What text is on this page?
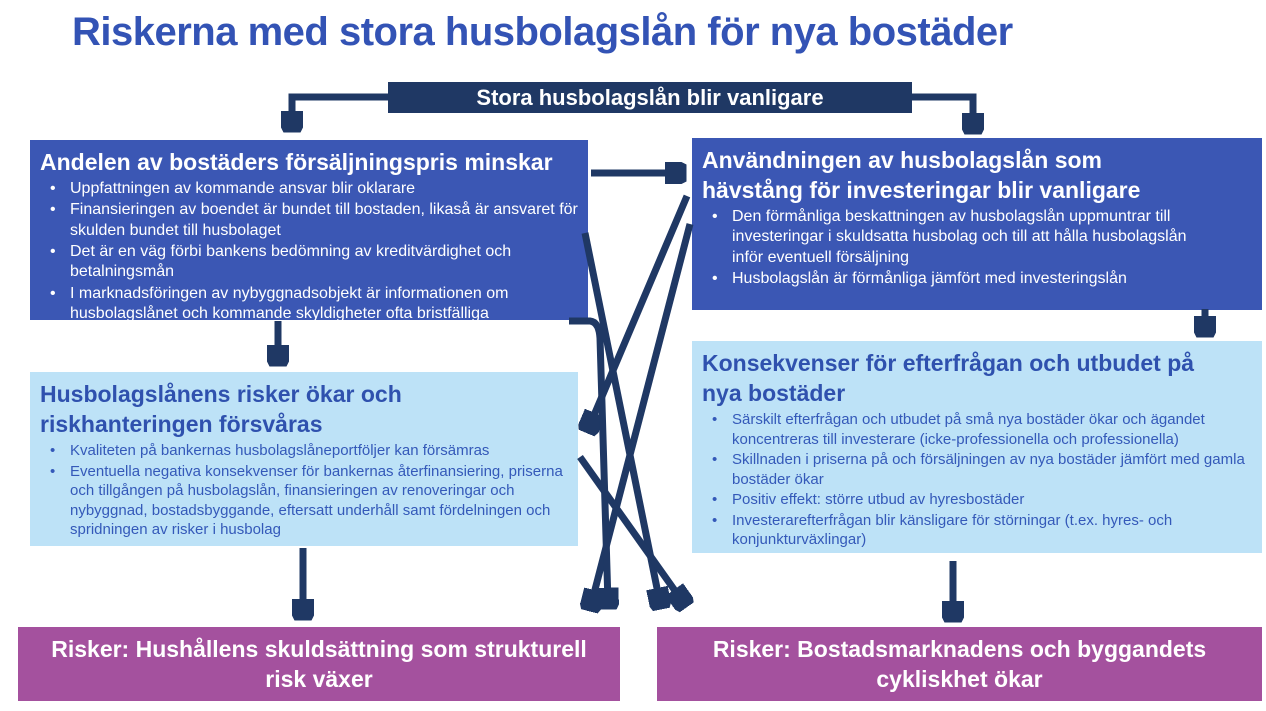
Riskerna med stora husbolagslån för nya bostäder
Stora husbolagslån blir vanligare
Andelen av bostäders försäljningspris minskar
• Uppfattningen av kommande ansvar blir oklarare
• Finansieringen av boendet är bundet till bostaden, likaså är ansvaret för skulden bundet till husbolaget
• Det är en väg förbi bankens bedömning av kreditvärdighet och betalningsmån
• I marknadsföringen av nybyggnadsobjekt är informationen om husbolagslånet och kommande skyldigheter ofta bristfälliga
Användningen av husbolagslån som hävstång för investeringar blir vanligare
• Den förmånliga beskattningen av husbolagslån uppmuntrar till investeringar i skuldsatta husbolag och till att hålla husbolagslån inför eventuell försäljning
• Husbolagslån är förmånliga jämfört med investeringslån
Husbolagslånens risker ökar och riskhanteringen försvåras
• Kvaliteten på bankernas husbolagslåneportföljer kan försämras
• Eventuella negativa konsekvenser för bankernas återfinansiering, priserna och tillgången på husbolagslån, finansieringen av renoveringar och nybyggnad, bostadsbyggande, eftersatt underhåll samt fördelningen och spridningen av risker i husbolag
Konsekvenser för efterfrågan och utbudet på nya bostäder
• Särskilt efterfrågan och utbudet på små nya bostäder ökar och ägandet koncentreras till investerare (icke-professionella och professionella)
• Skillnaden i priserna på och försäljningen av nya bostäder jämfört med gamla bostäder ökar
• Positiv effekt: större utbud av hyresbostäder
• Investerarefterfrågan blir känsligare för störningar (t.ex. hyres- och konjunkturväxlingar)
Risker: Hushållens skuldsättning som strukturell risk växer
Risker: Bostadsmarknadens och byggandets cykliskhet ökar
